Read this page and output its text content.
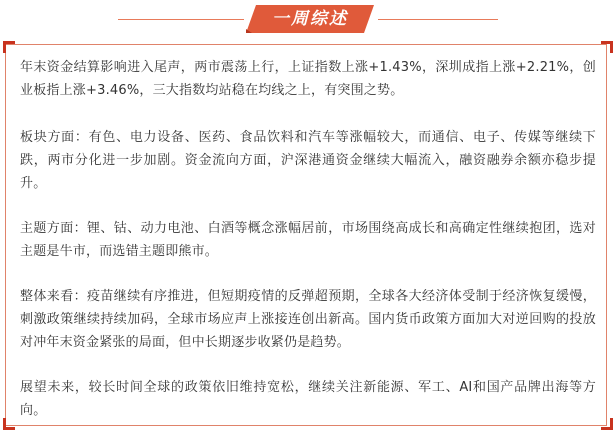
一周综述

年末资金结算影响进入尾声，两市震荡上行，上证指数上涨+1.43%，深圳成指上涨+2.21%，创业板指上涨+3.46%，三大指数均站稳在均线之上，有突围之势。

板块方面：有色、电力设备、医药、食品饮料和汽车等涨幅较大，而通信、电子、传媒等继续下跌，两市分化进一步加剧。资金流向方面，沪深港通资金继续大幅流入，融资融券余额亦稳步提升。

主题方面：锂、钴、动力电池、白酒等概念涨幅居前，市场围绕高成长和高确定性继续抱团，选对主题是牛市，而选错主题即熊市。

整体来看：疫苗继续有序推进，但短期疫情的反弹超预期，全球各大经济体受制于经济恢复缓慢，刺激政策继续持续加码，全球市场应声上涨接连创出新高。国内货币政策方面加大对逆回购的投放对冲年末资金紧张的局面，但中长期逐步收紧仍是趋势。

展望未来，较长时间全球的政策依旧维持宽松，继续关注新能源、军工、AI和国产品牌出海等方向。
